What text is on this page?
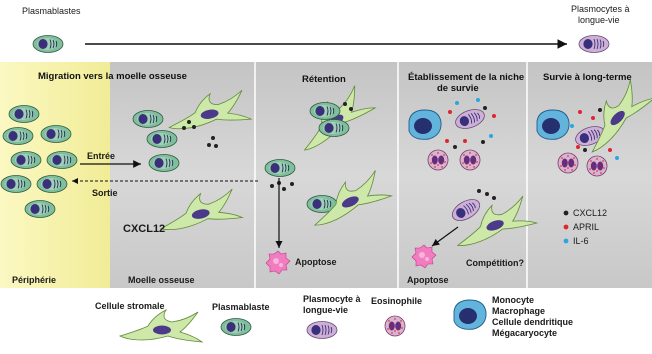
Plasmablastes	Plasmocytes à
longue-vie
Migration vers la moelle osseuse	Rétention	Établissement de la niche
de survie
Survie à long-terme
Entrée
Sortie
CXCL12
Périphérie	Moelle osseuse
Apoptose
Apoptose
Compétition?
CXCL12
APRIL
IL-6
Cellule stromale	Plasmablaste
Plasmocyte à
longue-vie
Eosinophile	Monocyte
Macrophage
Cellule dendritique
Mégacaryocyte
